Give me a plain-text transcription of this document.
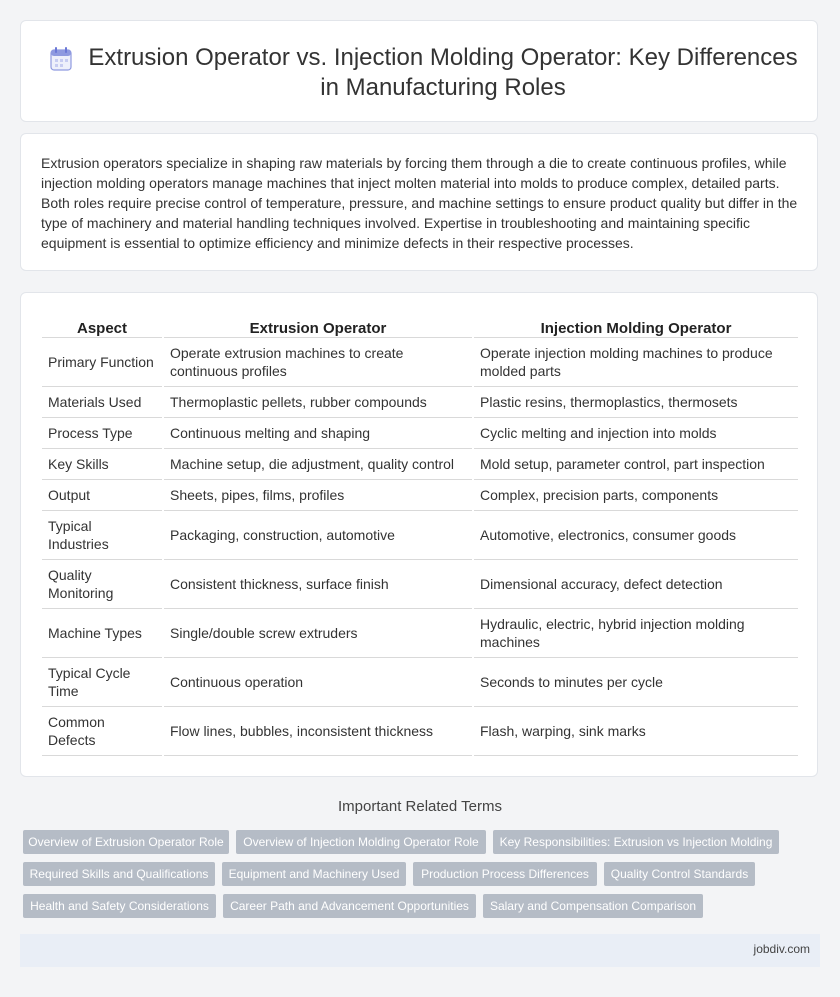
Extrusion Operator vs. Injection Molding Operator: Key Differences in Manufacturing Roles

Extrusion operators specialize in shaping raw materials by forcing them through a die to create continuous profiles, while injection molding operators manage machines that inject molten material into molds to produce complex, detailed parts. Both roles require precise control of temperature, pressure, and machine settings to ensure product quality but differ in the type of machinery and material handling techniques involved. Expertise in troubleshooting and maintaining specific equipment is essential to optimize efficiency and minimize defects in their respective processes.

Aspect	Extrusion Operator	Injection Molding Operator
Primary Function	Operate extrusion machines to create continuous profiles	Operate injection molding machines to produce molded parts
Materials Used	Thermoplastic pellets, rubber compounds	Plastic resins, thermoplastics, thermosets
Process Type	Continuous melting and shaping	Cyclic melting and injection into molds
Key Skills	Machine setup, die adjustment, quality control	Mold setup, parameter control, part inspection
Output	Sheets, pipes, films, profiles	Complex, precision parts, components
Typical Industries	Packaging, construction, automotive	Automotive, electronics, consumer goods
Quality Monitoring	Consistent thickness, surface finish	Dimensional accuracy, defect detection
Machine Types	Single/double screw extruders	Hydraulic, electric, hybrid injection molding machines
Typical Cycle Time	Continuous operation	Seconds to minutes per cycle
Common Defects	Flow lines, bubbles, inconsistent thickness	Flash, warping, sink marks
Important Related Terms
Overview of Extrusion Operator Role	Overview of Injection Molding Operator Role	Key Responsibilities: Extrusion vs Injection Molding
Required Skills and Qualifications	Equipment and Machinery Used	Production Process Differences	Quality Control Standards
Health and Safety Considerations	Career Path and Advancement Opportunities	Salary and Compensation Comparison
jobdiv.com
